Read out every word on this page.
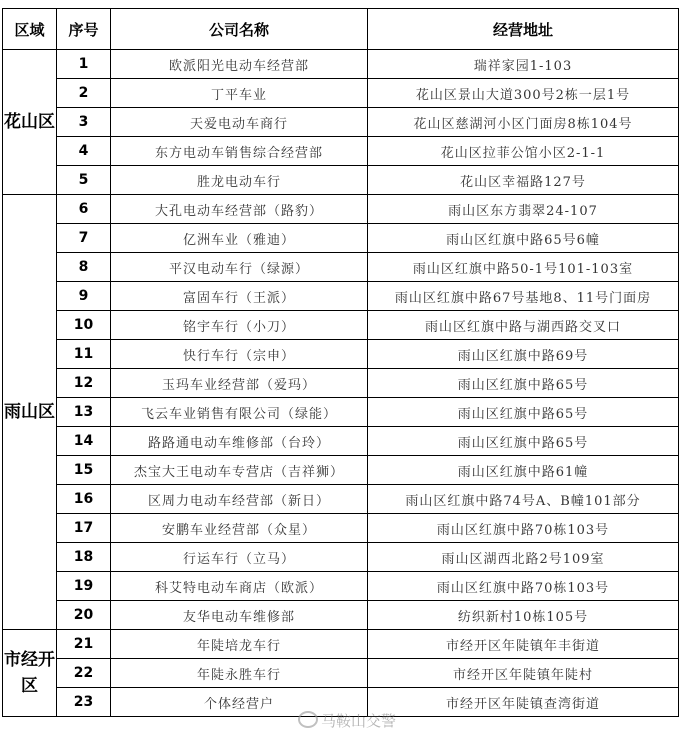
区域	序号	公司名称	经营地址
花山区	1	欧派阳光电动车经营部	瑞祥家园1-103
	2	丁平车业	花山区景山大道300号2栋一层1号
	3	天爱电动车商行	花山区慈湖河小区门面房8栋104号
	4	东方电动车销售综合经营部	花山区拉菲公馆小区2-1-1
	5	胜龙电动车行	花山区幸福路127号
雨山区	6	大孔电动车经营部（路豹）	雨山区东方翡翠24-107
	7	亿洲车业（雅迪）	雨山区红旗中路65号6幢
	8	平汉电动车行（绿源）	雨山区红旗中路50-1号101-103室
	9	富固车行（王派）	雨山区红旗中路67号基地8、11号门面房
	10	铭宇车行（小刀）	雨山区红旗中路与湖西路交叉口
	11	快行车行（宗申）	雨山区红旗中路69号
	12	玉玛车业经营部（爱玛）	雨山区红旗中路65号
	13	飞云车业销售有限公司（绿能）	雨山区红旗中路65号
	14	路路通电动车维修部（台玲）	雨山区红旗中路65号
	15	杰宝大王电动车专营店（吉祥狮）	雨山区红旗中路61幢
	16	区周力电动车经营部（新日）	雨山区红旗中路74号A、B幢101部分
	17	安鹏车业经营部（众星）	雨山区红旗中路70栋103号
	18	行运车行（立马）	雨山区湖西北路2号109室
	19	科艾特电动车商店（欧派）	雨山区红旗中路70栋103号
	20	友华电动车维修部	纺织新村10栋105号
市经开区	21	年陡培龙车行	市经开区年陡镇年丰街道
	22	年陡永胜车行	市经开区年陡镇年陡村
	23	个体经营户	市经开区年陡镇查湾街道
马鞍山交警
